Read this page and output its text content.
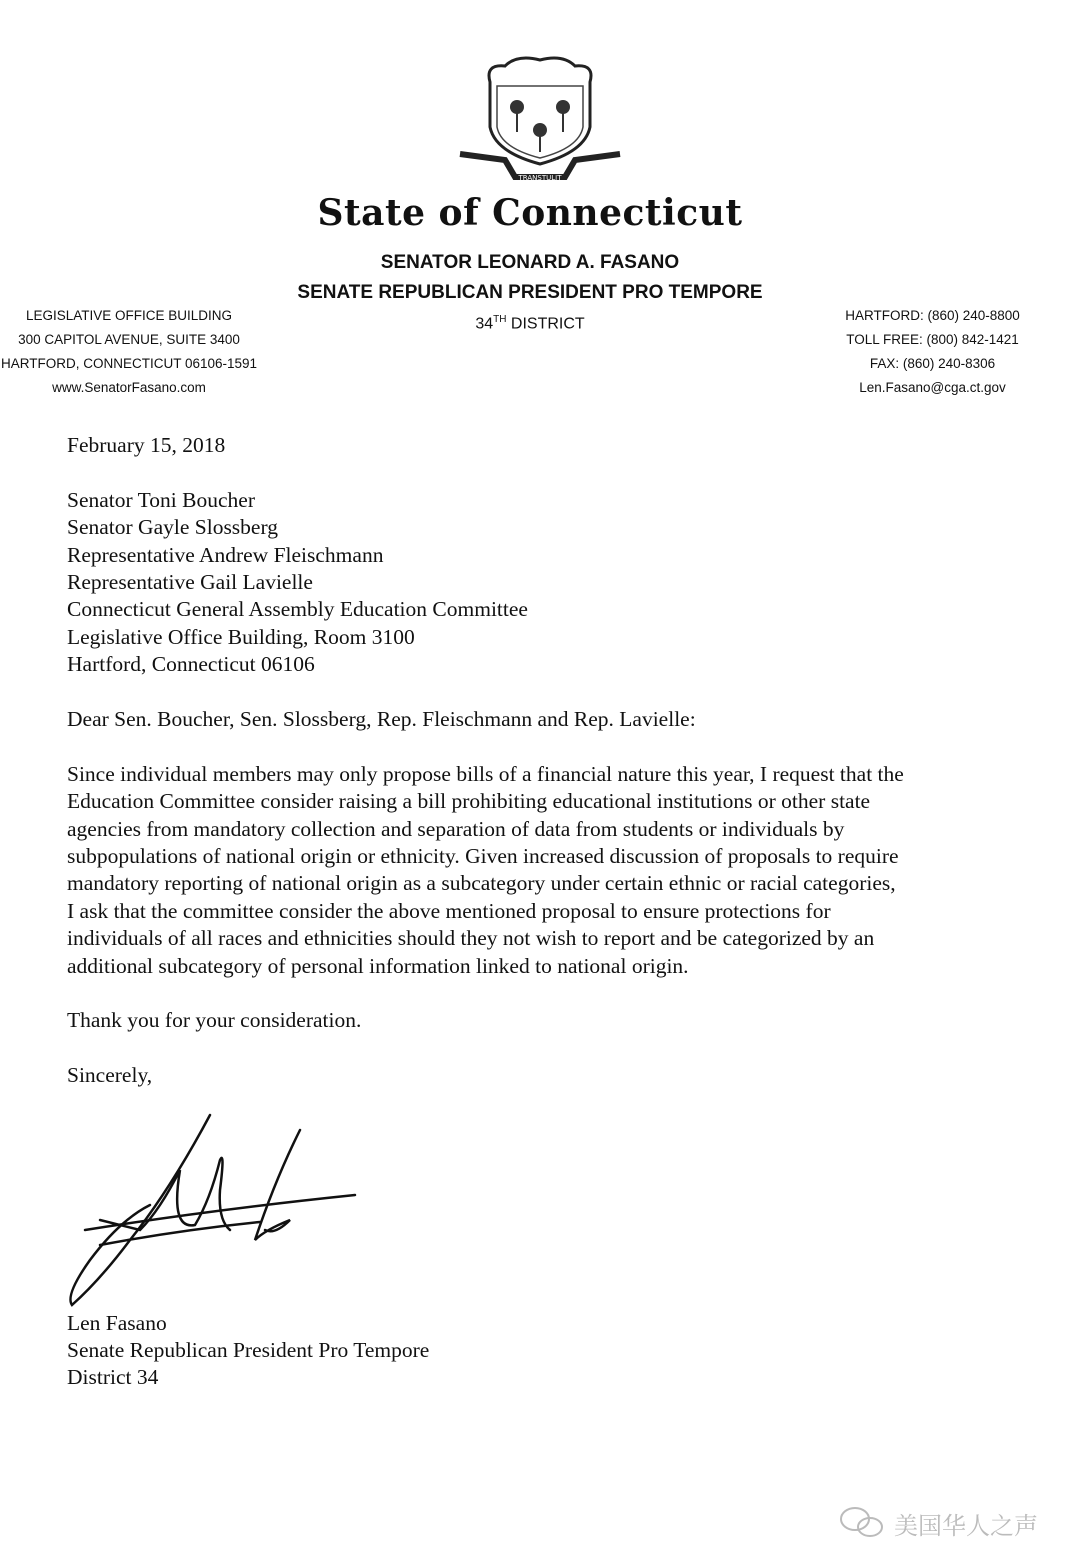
TRANSTULIT
State of Connecticut
SENATOR LEONARD A. FASANO
SENATE REPUBLICAN PRESIDENT PRO TEMPORE
34TH DISTRICT
LEGISLATIVE OFFICE BUILDING
300 CAPITOL AVENUE, SUITE 3400
HARTFORD, CONNECTICUT 06106-1591
www.SenatorFasano.com
HARTFORD: (860) 240-8800
TOLL FREE: (800) 842-1421
FAX: (860) 240-8306
Len.Fasano@cga.ct.gov
February 15, 2018
Senator Toni Boucher
Senator Gayle Slossberg
Representative Andrew Fleischmann
Representative Gail Lavielle
Connecticut General Assembly Education Committee
Legislative Office Building, Room 3100
Hartford, Connecticut 06106
Dear Sen. Boucher, Sen. Slossberg, Rep. Fleischmann and Rep. Lavielle:
Since individual members may only propose bills of a financial nature this year, I request that the
Education Committee consider raising a bill prohibiting educational institutions or other state
agencies from mandatory collection and separation of data from students or individuals by
subpopulations of national origin or ethnicity. Given increased discussion of proposals to require
mandatory reporting of national origin as a subcategory under certain ethnic or racial categories,
I ask that the committee consider the above mentioned proposal to ensure protections for
individuals of all races and ethnicities should they not wish to report and be categorized by an
additional subcategory of personal information linked to national origin.
Thank you for your consideration.
Sincerely,
Len Fasano
Senate Republican President Pro Tempore
District 34
美国华人之声
